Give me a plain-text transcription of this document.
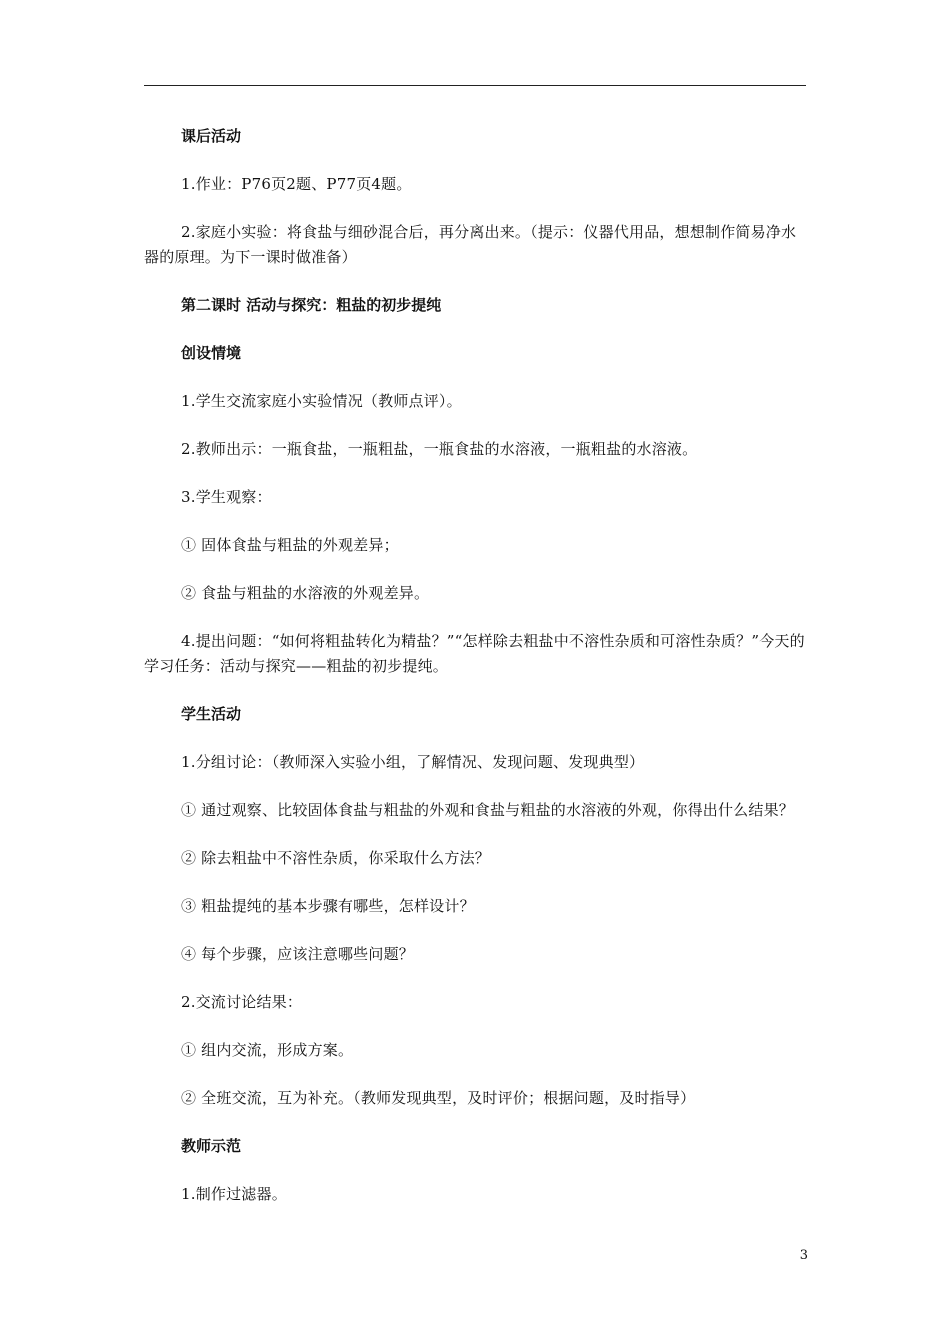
课后活动

1.作业：P76页2题、P77页4题。

2.家庭小实验：将食盐与细砂混合后，再分离出来。（提示：仪器代用品，想想制作简易净水器的原理。为下一课时做准备）

第二课时 活动与探究：粗盐的初步提纯

创设情境

1.学生交流家庭小实验情况（教师点评）。

2.教师出示：一瓶食盐，一瓶粗盐，一瓶食盐的水溶液，一瓶粗盐的水溶液。

3.学生观察：

① 固体食盐与粗盐的外观差异；

② 食盐与粗盐的水溶液的外观差异。

4.提出问题：“如何将粗盐转化为精盐？”“怎样除去粗盐中不溶性杂质和可溶性杂质？”今天的学习任务：活动与探究——粗盐的初步提纯。

学生活动

1.分组讨论：（教师深入实验小组，了解情况、发现问题、发现典型）

① 通过观察、比较固体食盐与粗盐的外观和食盐与粗盐的水溶液的外观，你得出什么结果？

② 除去粗盐中不溶性杂质，你采取什么方法？

③ 粗盐提纯的基本步骤有哪些，怎样设计？

④ 每个步骤，应该注意哪些问题？

2.交流讨论结果：

① 组内交流，形成方案。

② 全班交流，互为补充。（教师发现典型，及时评价；根据问题，及时指导）

教师示范

1.制作过滤器。

3
